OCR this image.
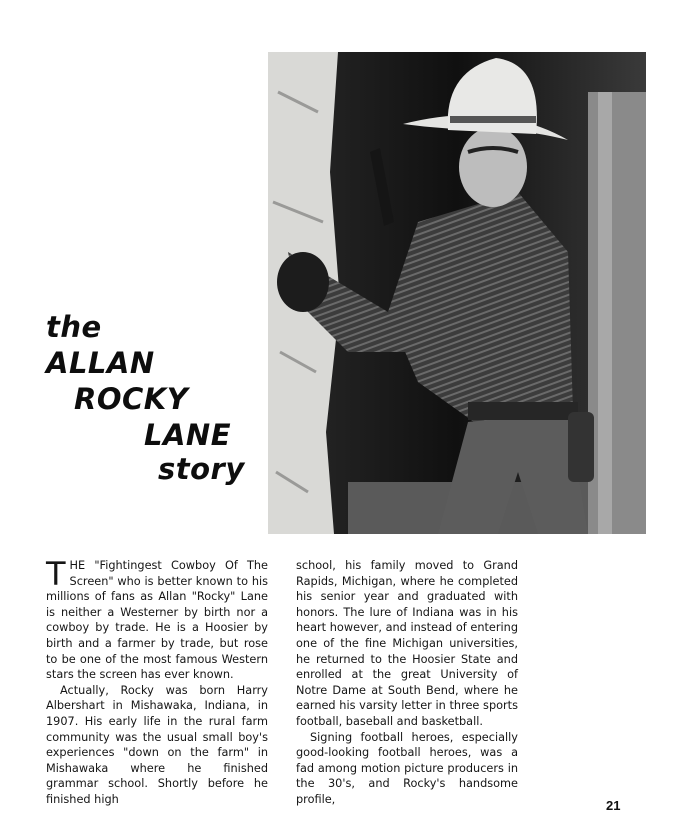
the
ALLAN
ROCKY
LANE
story

THE "Fightingest Cowboy Of The Screen" who is better known to his millions of fans as Allan "Rocky" Lane is neither a Westerner by birth nor a cowboy by trade. He is a Hoosier by birth and a farmer by trade, but rose to be one of the most famous Western stars the screen has ever known.

Actually, Rocky was born Harry Albershart in Mishawaka, Indiana, in 1907. His early life in the rural farm community was the usual small boy's experiences "down on the farm" in Mishawaka where he finished grammar school. Shortly before he finished high

school, his family moved to Grand Rapids, Michigan, where he completed his senior year and graduated with honors. The lure of Indiana was in his heart however, and instead of entering one of the fine Michigan universities, he returned to the Hoosier State and enrolled at the great University of Notre Dame at South Bend, where he earned his varsity letter in three sports football, baseball and basketball.

Signing football heroes, especially good-looking football heroes, was a fad among motion picture producers in the 30's, and Rocky's handsome profile,	21
